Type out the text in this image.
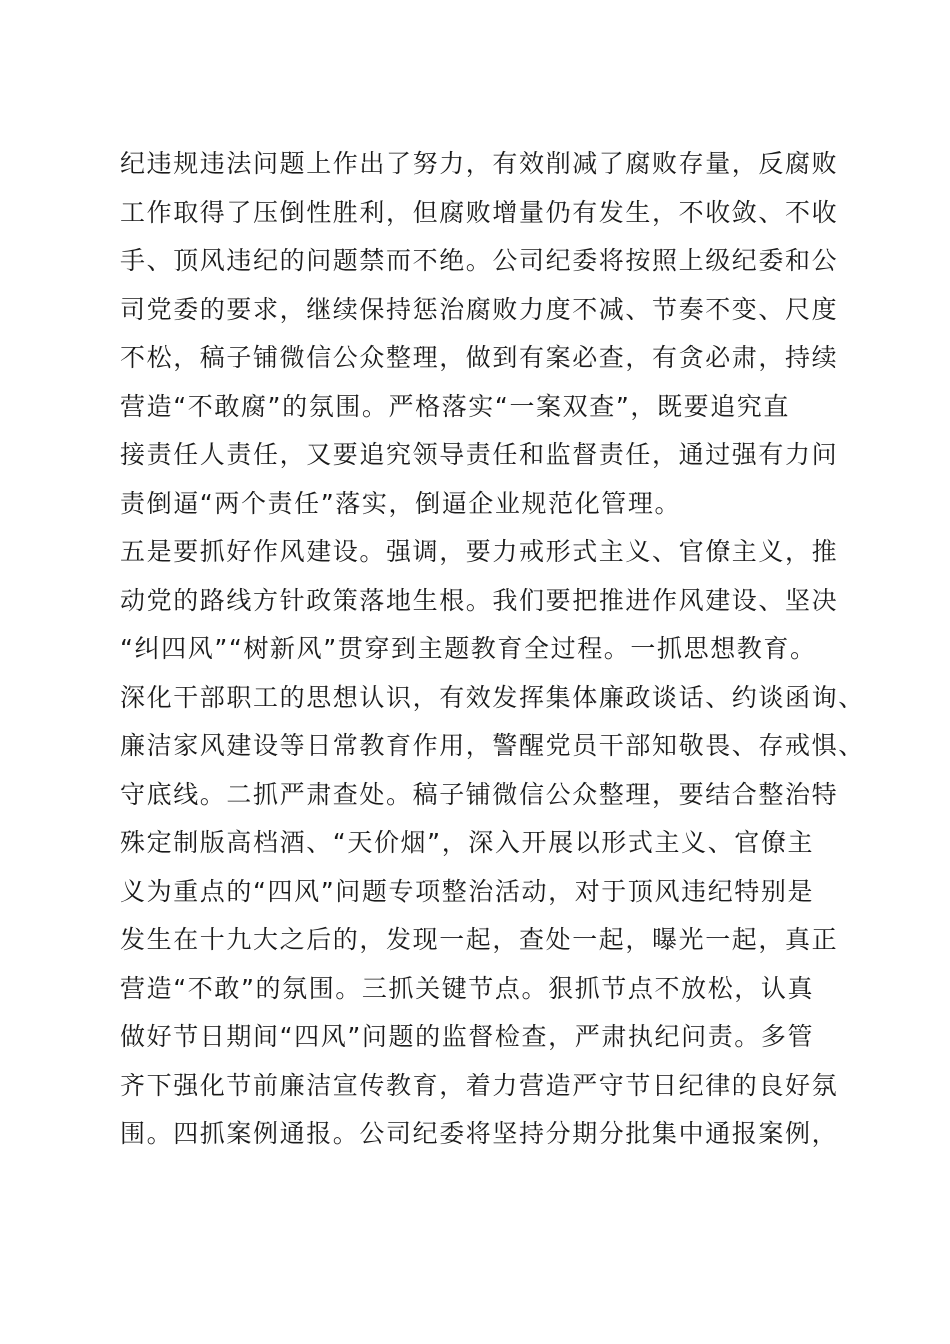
纪违规违法问题上作出了努力，有效削减了腐败存量，反腐败
工作取得了压倒性胜利，但腐败增量仍有发生，不收敛、不收
手、顶风违纪的问题禁而不绝。公司纪委将按照上级纪委和公
司党委的要求，继续保持惩治腐败力度不减、节奏不变、尺度
不松，稿子铺微信公众整理，做到有案必查，有贪必肃，持续
营造“不敢腐”的氛围。严格落实“一案双查”，既要追究直
接责任人责任，又要追究领导责任和监督责任，通过强有力问
责倒逼“两个责任”落实，倒逼企业规范化管理。
五是要抓好作风建设。强调，要力戒形式主义、官僚主义，推
动党的路线方针政策落地生根。我们要把推进作风建设、坚决
“纠四风”“树新风”贯穿到主题教育全过程。一抓思想教育。
深化干部职工的思想认识，有效发挥集体廉政谈话、约谈函询、
廉洁家风建设等日常教育作用，警醒党员干部知敬畏、存戒惧、
守底线。二抓严肃查处。稿子铺微信公众整理，要结合整治特
殊定制版高档酒、“天价烟”，深入开展以形式主义、官僚主
义为重点的“四风”问题专项整治活动，对于顶风违纪特别是
发生在十九大之后的，发现一起，查处一起，曝光一起，真正
营造“不敢”的氛围。三抓关键节点。狠抓节点不放松，认真
做好节日期间“四风”问题的监督检查，严肃执纪问责。多管
齐下强化节前廉洁宣传教育，着力营造严守节日纪律的良好氛
围。四抓案例通报。公司纪委将坚持分期分批集中通报案例，
